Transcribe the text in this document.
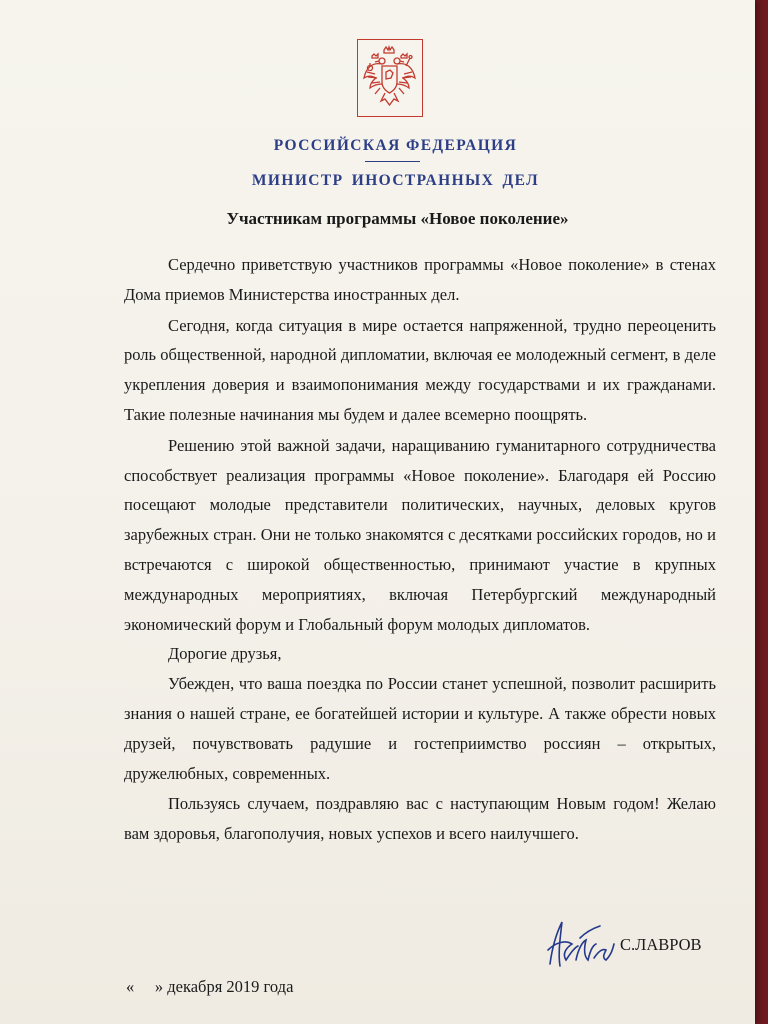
РОССИЙСКАЯ ФЕДЕРАЦИЯ
МИНИСТР ИНОСТРАННЫХ ДЕЛ
Участникам программы «Новое поколение»

Сердечно приветствую участников программы «Новое поколение» в стенах Дома приемов Министерства иностранных дел.

Сегодня, когда ситуация в мире остается напряженной, трудно переоценить роль общественной, народной дипломатии, включая ее молодежный сегмент, в деле укрепления доверия и взаимопонимания между государствами и их гражданами. Такие полезные начинания мы будем и далее всемерно поощрять.

Решению этой важной задачи, наращиванию гуманитарного сотрудничества способствует реализация программы «Новое поколение». Благодаря ей Россию посещают молодые представители политических, научных, деловых кругов зарубежных стран. Они не только знакомятся с десятками российских городов, но и встречаются с широкой общественностью, принимают участие в крупных международных мероприятиях, включая Петербургский международный экономический форум и Глобальный форум молодых дипломатов.

Дорогие друзья,

Убежден, что ваша поездка по России станет успешной, позволит расширить знания о нашей стране, ее богатейшей истории и культуре. А также обрести новых друзей, почувствовать радушие и гостеприимство россиян – открытых, дружелюбных, современных.

Пользуясь случаем, поздравляю вас с наступающим Новым годом! Желаю вам здоровья, благополучия, новых успехов и всего наилучшего.

С.ЛАВРОВ
«     » декабря 2019 года
